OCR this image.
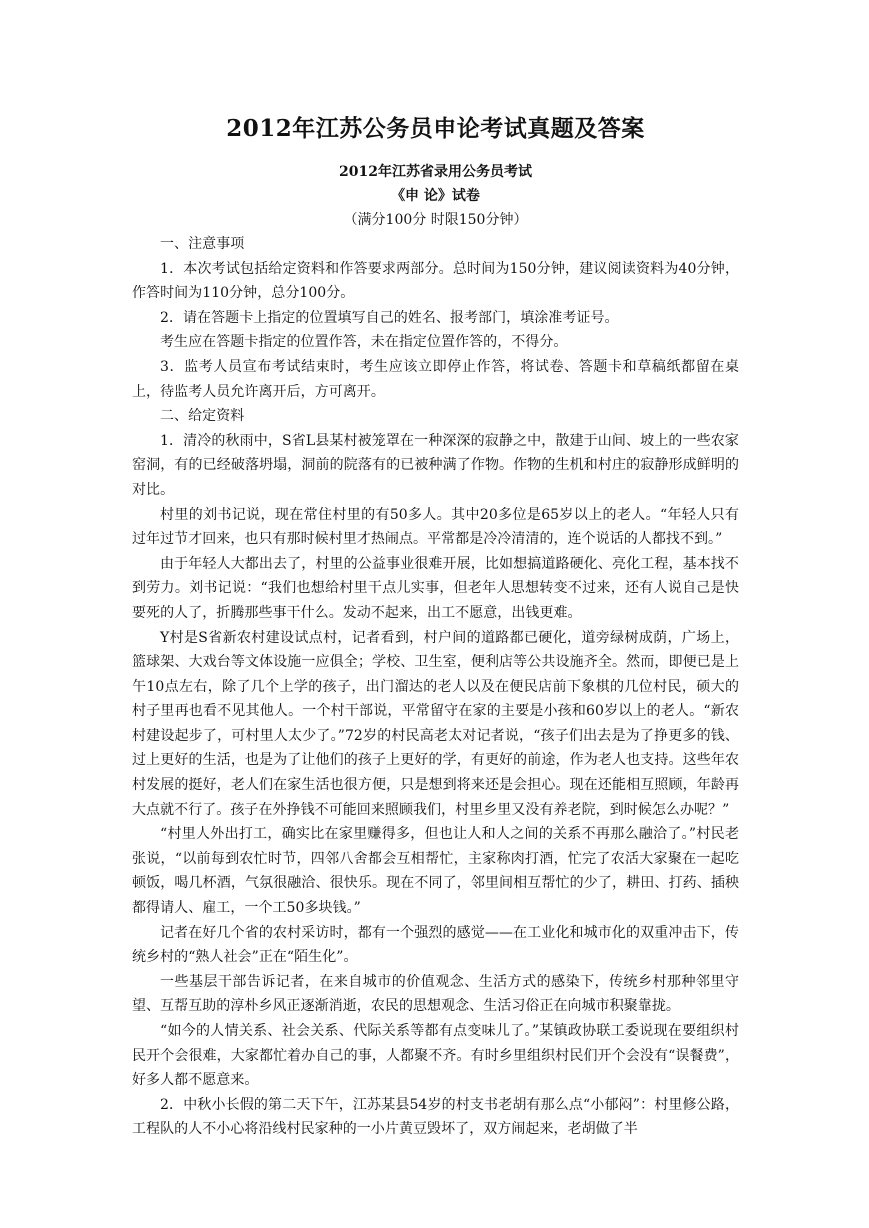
2012年江苏公务员申论考试真题及答案

2012年江苏省录用公务员考试

《申 论》试卷

（满分100分 时限150分钟）

一、注意事项

1．本次考试包括给定资料和作答要求两部分。总时间为150分钟，建议阅读资料为40分钟，作答时间为110分钟，总分100分。

2．请在答题卡上指定的位置填写自己的姓名、报考部门，填涂准考证号。

考生应在答题卡指定的位置作答，未在指定位置作答的，不得分。

3．监考人员宣布考试结束时，考生应该立即停止作答，将试卷、答题卡和草稿纸都留在桌上，待监考人员允许离开后，方可离开。

二、给定资料

1．清冷的秋雨中，S省L县某村被笼罩在一种深深的寂静之中，散建于山间、坡上的一些农家窑洞，有的已经破落坍塌，洞前的院落有的已被种满了作物。作物的生机和村庄的寂静形成鲜明的对比。

村里的刘书记说，现在常住村里的有50多人。其中20多位是65岁以上的老人。“年轻人只有过年过节才回来，也只有那时候村里才热闹点。平常都是冷冷清清的，连个说话的人都找不到。”

由于年轻人大都出去了，村里的公益事业很难开展，比如想搞道路硬化、亮化工程，基本找不到劳力。刘书记说：“我们也想给村里干点儿实事，但老年人思想转变不过来，还有人说自己是快要死的人了，折腾那些事干什么。发动不起来，出工不愿意，出钱更难。

Y村是S省新农村建设试点村，记者看到，村户间的道路都已硬化，道旁绿树成荫，广场上，篮球架、大戏台等文体设施一应俱全；学校、卫生室，便利店等公共设施齐全。然而，即便已是上午10点左右，除了几个上学的孩子，出门溜达的老人以及在便民店前下象棋的几位村民，硕大的村子里再也看不见其他人。一个村干部说，平常留守在家的主要是小孩和60岁以上的老人。“新农村建设起步了，可村里人太少了。”72岁的村民高老太对记者说，“孩子们出去是为了挣更多的钱、过上更好的生活，也是为了让他们的孩子上更好的学，有更好的前途，作为老人也支持。这些年农村发展的挺好，老人们在家生活也很方便，只是想到将来还是会担心。现在还能相互照顾，年龄再大点就不行了。孩子在外挣钱不可能回来照顾我们，村里乡里又没有养老院，到时候怎么办呢？”

“村里人外出打工，确实比在家里赚得多，但也让人和人之间的关系不再那么融洽了。”村民老张说，“以前每到农忙时节，四邻八舍都会互相帮忙，主家称肉打酒，忙完了农活大家聚在一起吃顿饭，喝几杯酒，气氛很融洽、很快乐。现在不同了，邻里间相互帮忙的少了，耕田、打药、插秧都得请人、雇工，一个工50多块钱。”

记者在好几个省的农村采访时，都有一个强烈的感觉——在工业化和城市化的双重冲击下，传统乡村的“熟人社会”正在“陌生化”。

一些基层干部告诉记者，在来自城市的价值观念、生活方式的感染下，传统乡村那种邻里守望、互帮互助的淳朴乡风正逐渐消逝，农民的思想观念、生活习俗正在向城市积聚靠拢。

“如今的人情关系、社会关系、代际关系等都有点变味儿了。”某镇政协联工委说现在要组织村民开个会很难，大家都忙着办自己的事，人都聚不齐。有时乡里组织村民们开个会没有“误餐费”，好多人都不愿意来。

2．中秋小长假的第二天下午，江苏某县54岁的村支书老胡有那么点“小郁闷”：村里修公路，工程队的人不小心将沿线村民家种的一小片黄豆毁坏了，双方闹起来，老胡做了半
